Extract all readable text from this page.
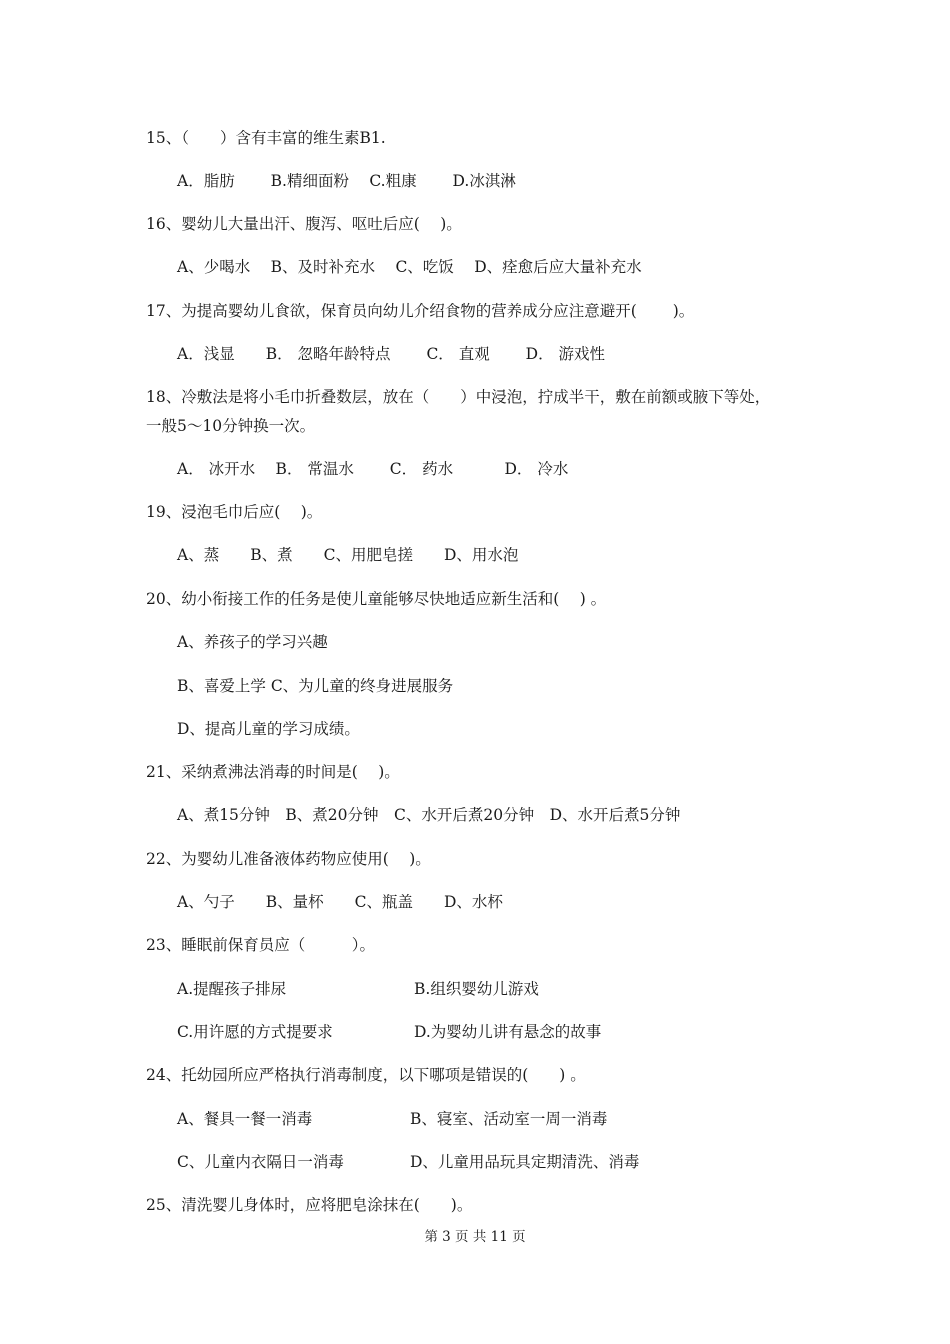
15、（　　）含有丰富的维生素B1.
A．脂肪　　 B.精细面粉　 C.粗康　 　D.冰淇淋
16、婴幼儿大量出汗、腹泻、呕吐后应(　 )。
A、少喝水　 B、及时补充水　 C、吃饭　 D、痊愈后应大量补充水
17、为提高婴幼儿食欲，保育员向幼儿介绍食物的营养成分应注意避开(　　 )。
A．浅显　　B． 忽略年龄特点　　 C． 直观　　 D． 游戏性
18、冷敷法是将小毛巾折叠数层，放在（　　）中浸泡，拧成半干，敷在前额或腋下等处，
一般5～10分钟换一次。
A． 冰开水　 B． 常温水　 　C． 药水　　 　D． 冷水
19、浸泡毛巾后应(　 )。
A、蒸　　B、煮　　C、用肥皂搓　　D、用水泡
20、幼小衔接工作的任务是使儿童能够尽快地适应新生活和(　 ) 。
A、养孩子的学习兴趣
B、喜爱上学 C、为儿童的终身进展服务
D、提高儿童的学习成绩。
21、采纳煮沸法消毒的时间是(　 )。
A、煮15分钟　B、煮20分钟　C、水开后煮20分钟　D、水开后煮5分钟
22、为婴幼儿准备液体药物应使用(　 )。
A、勺子　　B、量杯　　C、瓶盖　　D、水杯
23、睡眠前保育员应（　　　）。
A.提醒孩子排尿	B.组织婴幼儿游戏
C.用许愿的方式提要求	D.为婴幼儿讲有悬念的故事
24、托幼园所应严格执行消毒制度，以下哪项是错误的(　　) 。
A、餐具一餐一消毒	B、寝室、活动室一周一消毒
C、儿童内衣隔日一消毒	D、儿童用品玩具定期清洗、消毒
25、清洗婴儿身体时，应将肥皂涂抹在(　　)。
第 3 页 共 11 页
